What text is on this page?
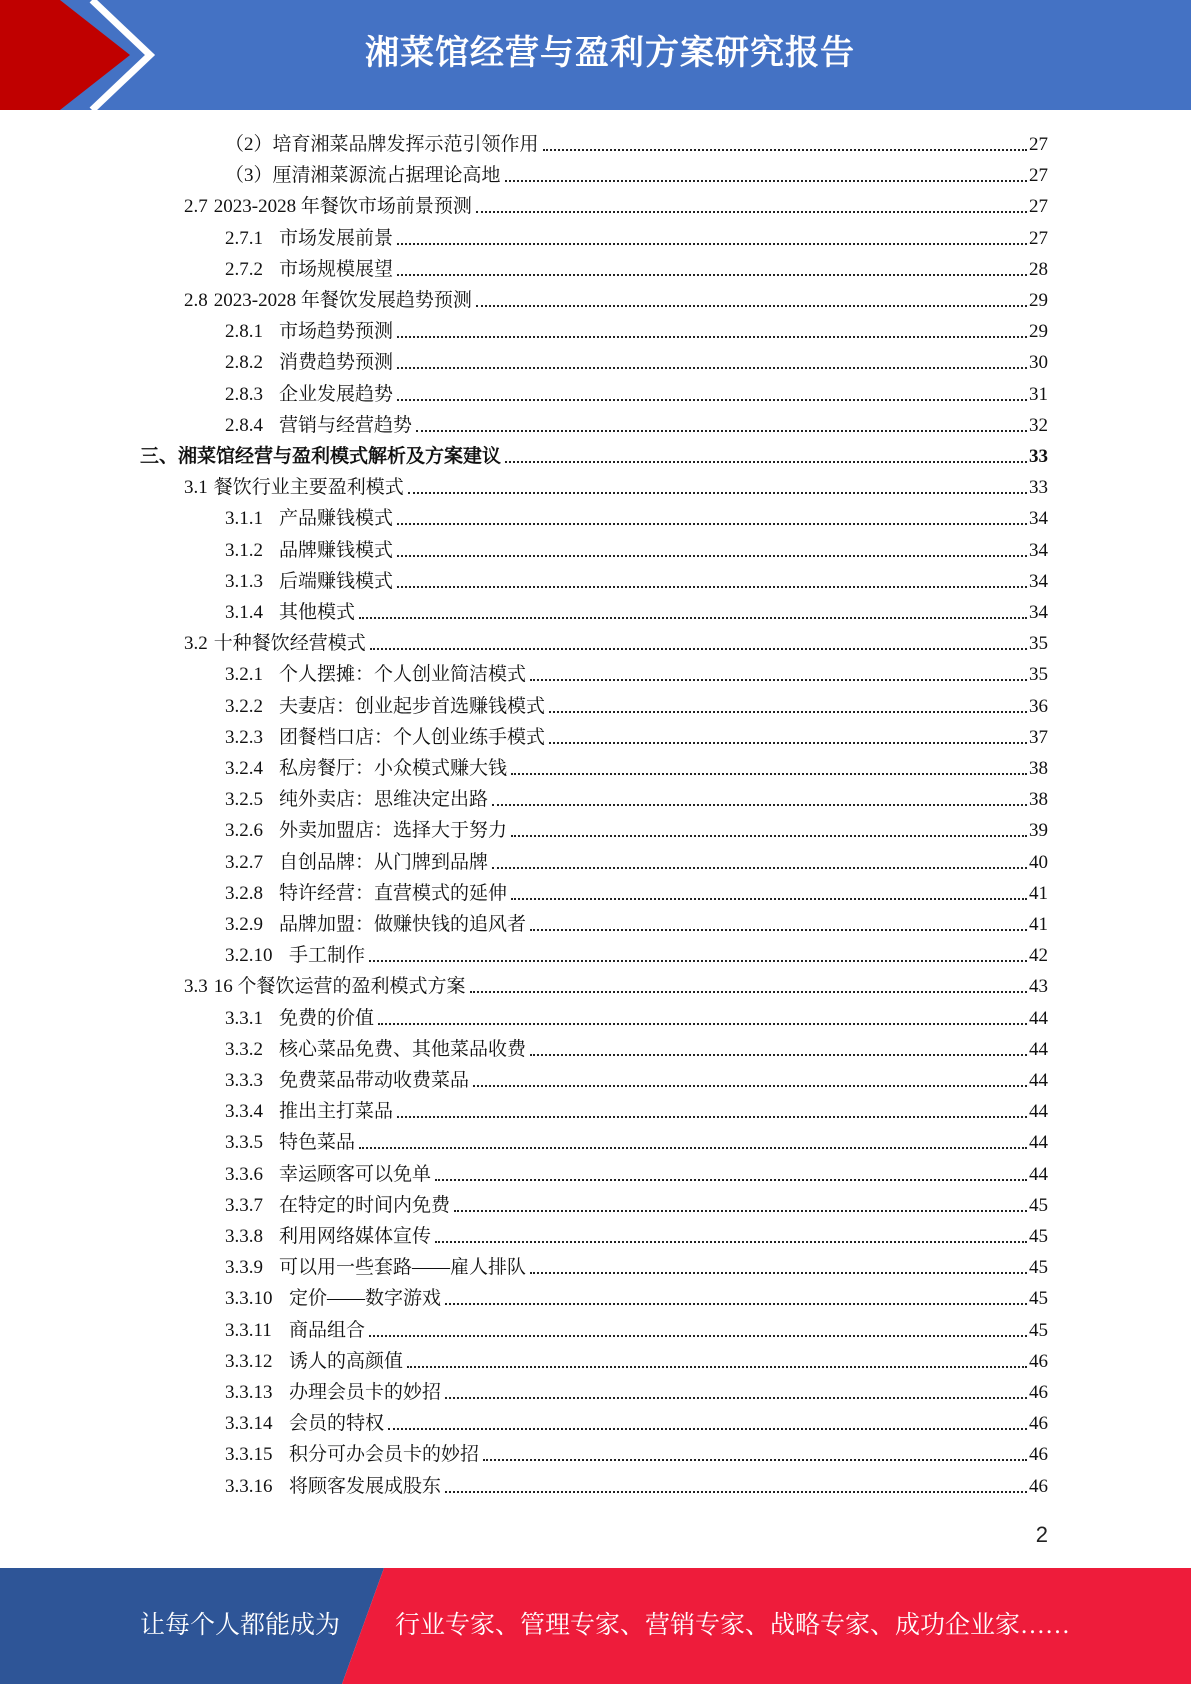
湘菜馆经营与盈利方案研究报告
（2）培育湘菜品牌发挥示范引领作用	27
（3）厘清湘菜源流占据理论高地	27
2.7 2023-2028 年餐饮市场前景预测	27
2.7.1 市场发展前景	27
2.7.2 市场规模展望	28
2.8 2023-2028 年餐饮发展趋势预测	29
2.8.1 市场趋势预测	29
2.8.2 消费趋势预测	30
2.8.3 企业发展趋势	31
2.8.4 营销与经营趋势	32
三、湘菜馆经营与盈利模式解析及方案建议	33
3.1 餐饮行业主要盈利模式	33
3.1.1 产品赚钱模式	34
3.1.2 品牌赚钱模式	34
3.1.3 后端赚钱模式	34
3.1.4 其他模式	34
3.2 十种餐饮经营模式	35
3.2.1 个人摆摊：个人创业简洁模式	35
3.2.2 夫妻店：创业起步首选赚钱模式	36
3.2.3 团餐档口店：个人创业练手模式	37
3.2.4 私房餐厅：小众模式赚大钱	38
3.2.5 纯外卖店：思维决定出路	38
3.2.6 外卖加盟店：选择大于努力	39
3.2.7 自创品牌：从门牌到品牌	40
3.2.8 特许经营：直营模式的延伸	41
3.2.9 品牌加盟：做赚快钱的追风者	41
3.2.10 手工制作	42
3.3 16 个餐饮运营的盈利模式方案	43
3.3.1 免费的价值	44
3.3.2 核心菜品免费、其他菜品收费	44
3.3.3 免费菜品带动收费菜品	44
3.3.4 推出主打菜品	44
3.3.5 特色菜品	44
3.3.6 幸运顾客可以免单	44
3.3.7 在特定的时间内免费	45
3.3.8 利用网络媒体宣传	45
3.3.9 可以用一些套路——雇人排队	45
3.3.10 定价——数字游戏	45
3.3.11 商品组合	45
3.3.12 诱人的高颜值	46
3.3.13 办理会员卡的妙招	46
3.3.14 会员的特权	46
3.3.15 积分可办会员卡的妙招	46
3.3.16 将顾客发展成股东	46
2
让每个人都能成为 行业专家、管理专家、营销专家、战略专家、成功企业家……
